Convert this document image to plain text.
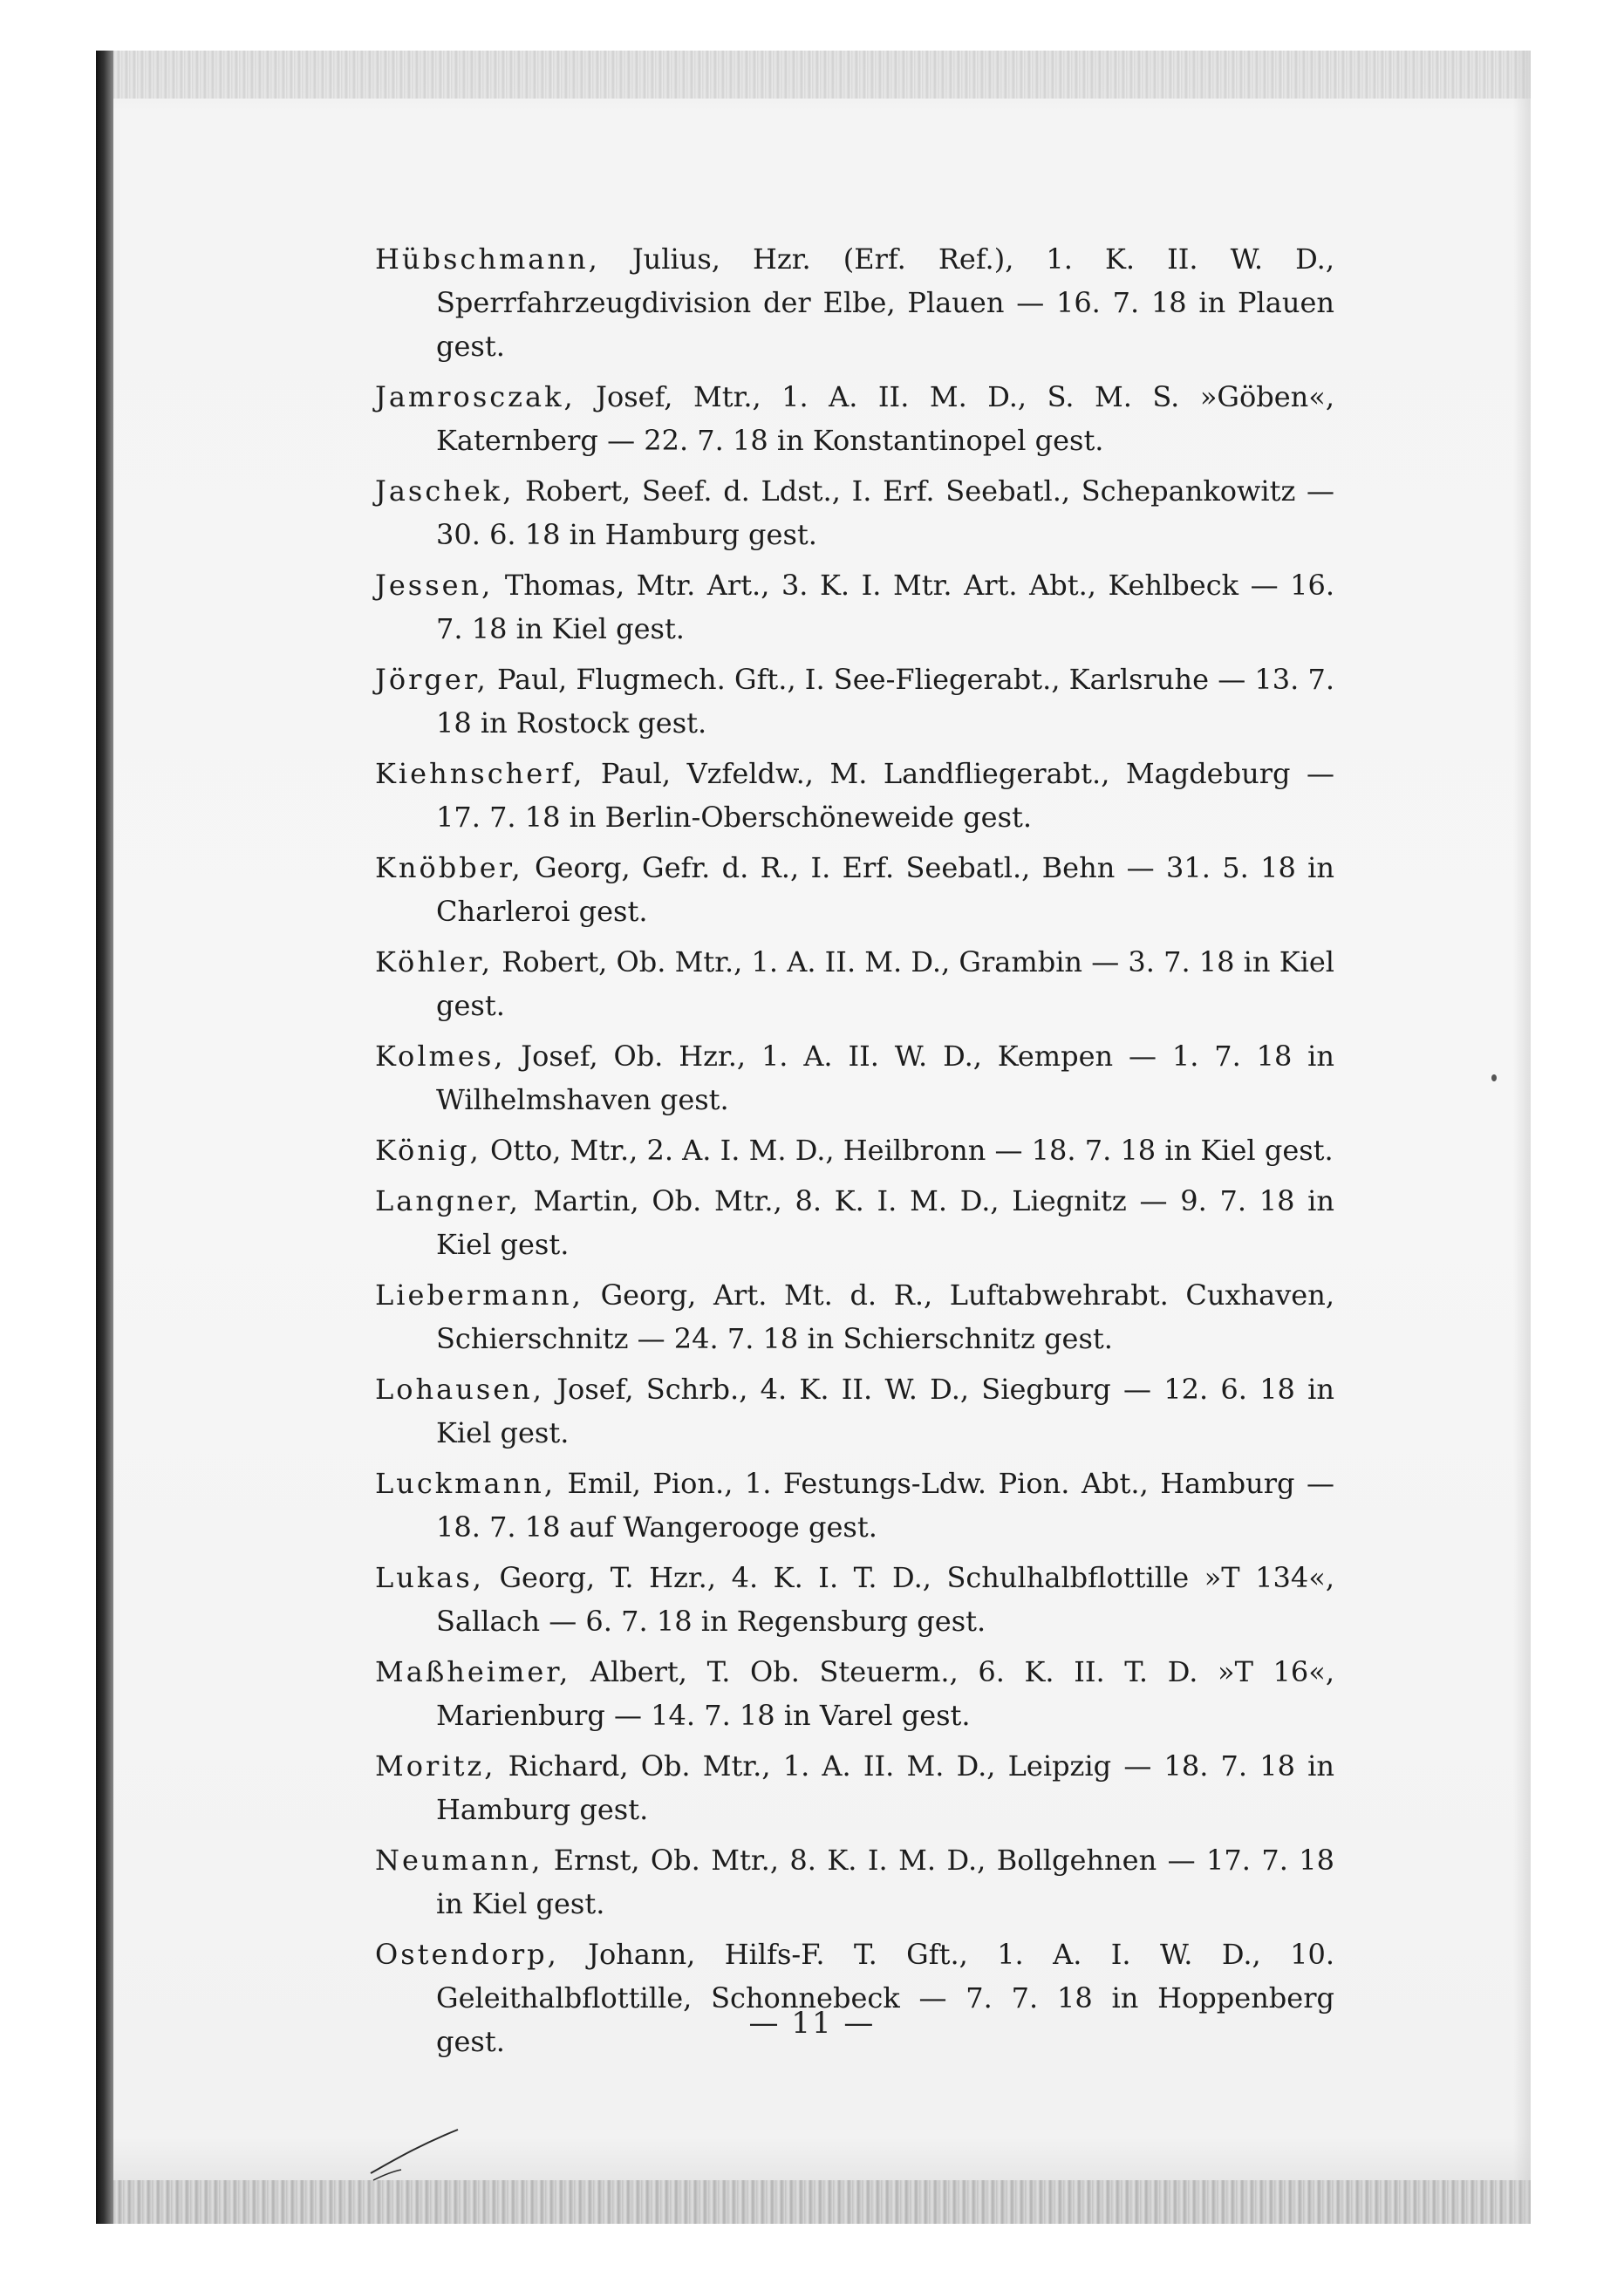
Hübschmann, Julius, Hzr. (Erf. Ref.), 1. K. II. W. D., Sperrfahrzeugdivision der Elbe, Plauen — 16. 7. 18 in Plauen gest.

Jamrosczak, Josef, Mtr., 1. A. II. M. D., S. M. S. »Göben«, Katernberg — 22. 7. 18 in Konstantinopel gest.

Jaschek, Robert, Seef. d. Ldst., I. Erf. Seebatl., Schepankowitz — 30. 6. 18 in Hamburg gest.

Jessen, Thomas, Mtr. Art., 3. K. I. Mtr. Art. Abt., Kehlbeck — 16. 7. 18 in Kiel gest.

Jörger, Paul, Flugmech. Gft., I. See-Fliegerabt., Karlsruhe — 13. 7. 18 in Rostock gest.

Kiehnscherf, Paul, Vzfeldw., M. Landfliegerabt., Magdeburg — 17. 7. 18 in Berlin-Oberschöneweide gest.

Knöbber, Georg, Gefr. d. R., I. Erf. Seebatl., Behn — 31. 5. 18 in Charleroi gest.

Köhler, Robert, Ob. Mtr., 1. A. II. M. D., Grambin — 3. 7. 18 in Kiel gest.

Kolmes, Josef, Ob. Hzr., 1. A. II. W. D., Kempen — 1. 7. 18 in Wilhelmshaven gest.

König, Otto, Mtr., 2. A. I. M. D., Heilbronn — 18. 7. 18 in Kiel gest.

Langner, Martin, Ob. Mtr., 8. K. I. M. D., Liegnitz — 9. 7. 18 in Kiel gest.

Liebermann, Georg, Art. Mt. d. R., Luftabwehrabt. Cuxhaven, Schierschnitz — 24. 7. 18 in Schierschnitz gest.

Lohausen, Josef, Schrb., 4. K. II. W. D., Siegburg — 12. 6. 18 in Kiel gest.

Luckmann, Emil, Pion., 1. Festungs-Ldw. Pion. Abt., Hamburg — 18. 7. 18 auf Wangerooge gest.

Lukas, Georg, T. Hzr., 4. K. I. T. D., Schulhalbflottille »T 134«, Sallach — 6. 7. 18 in Regensburg gest.

Maßheimer, Albert, T. Ob. Steuerm., 6. K. II. T. D. »T 16«, Marienburg — 14. 7. 18 in Varel gest.

Moritz, Richard, Ob. Mtr., 1. A. II. M. D., Leipzig — 18. 7. 18 in Hamburg gest.

Neumann, Ernst, Ob. Mtr., 8. K. I. M. D., Bollgehnen — 17. 7. 18 in Kiel gest.

Ostendorp, Johann, Hilfs-F. T. Gft., 1. A. I. W. D., 10. Geleithalbflottille, Schonnebeck — 7. 7. 18 in Hoppenberg gest.

— 11 —
